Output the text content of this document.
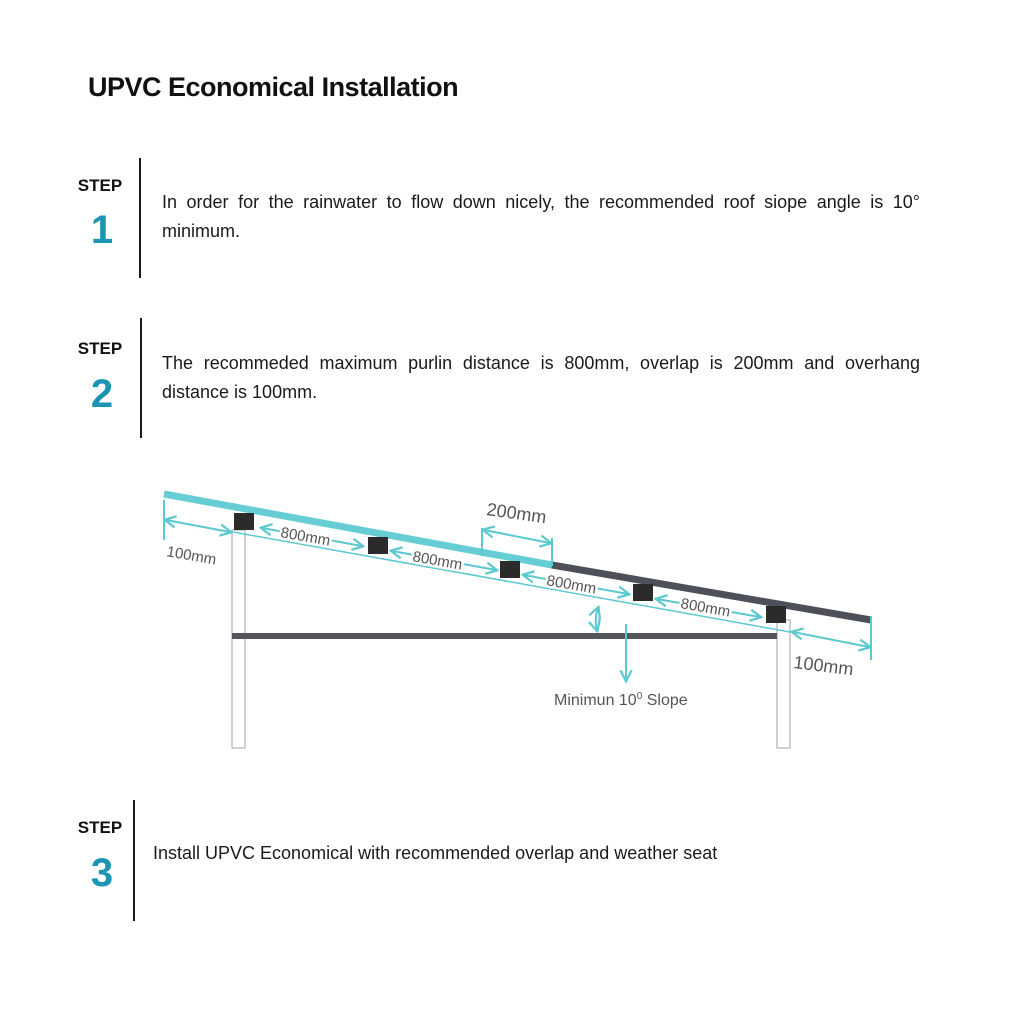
UPVC Economical Installation
STEP
1
In order for the rainwater to flow down nicely, the recommended roof siope angle is 10° minimum.
STEP
2
The recommeded maximum purlin distance is 800mm, overlap is 200mm and overhang distance is 100mm.
100mm
800mm
800mm
800mm
800mm
200mm
100mm
Minimun $10^0$ Slope
STEP
3	Install UPVC Economical with recommended overlap and weather seat
